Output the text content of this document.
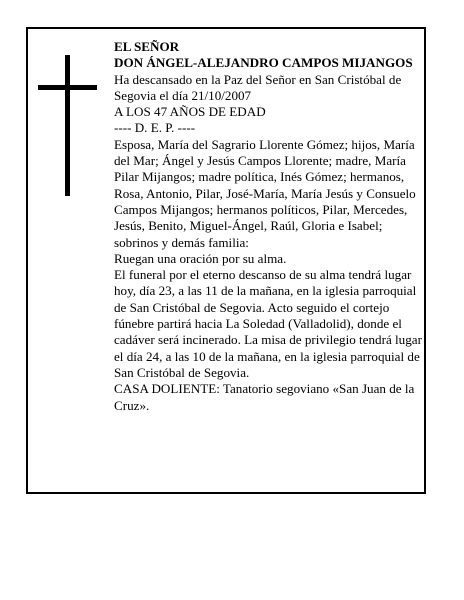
EL SEÑOR

DON ÁNGEL-ALEJANDRO CAMPOS MIJANGOS

Ha descansado en la Paz del Señor en San Cristóbal de Segovia el día 21/10/2007

A LOS 47 AÑOS DE EDAD

---- D. E. P. ----

Esposa, María del Sagrario Llorente Gómez; hijos, María del Mar; Ángel y Jesús Campos Llorente; madre, María Pilar Mijangos; madre política, Inés Gómez; hermanos, Rosa, Antonio, Pilar, José-María, María Jesús y Consuelo Campos Mijangos; hermanos políticos, Pilar, Mercedes, Jesús, Benito, Miguel-Ángel, Raúl, Gloria e Isabel; sobrinos y demás familia:

Ruegan una oración por su alma.

El funeral por el eterno descanso de su alma tendrá lugar hoy, día 23, a las 11 de la mañana, en la iglesia parroquial de San Cristóbal de Segovia. Acto seguido el cortejo fúnebre partirá hacia La Soledad (Valladolid), donde el cadáver será incinerado. La misa de privilegio tendrá lugar el día 24, a las 10 de la mañana, en la iglesia parroquial de San Cristóbal de Segovia.

CASA DOLIENTE: Tanatorio segoviano «San Juan de la Cruz».
